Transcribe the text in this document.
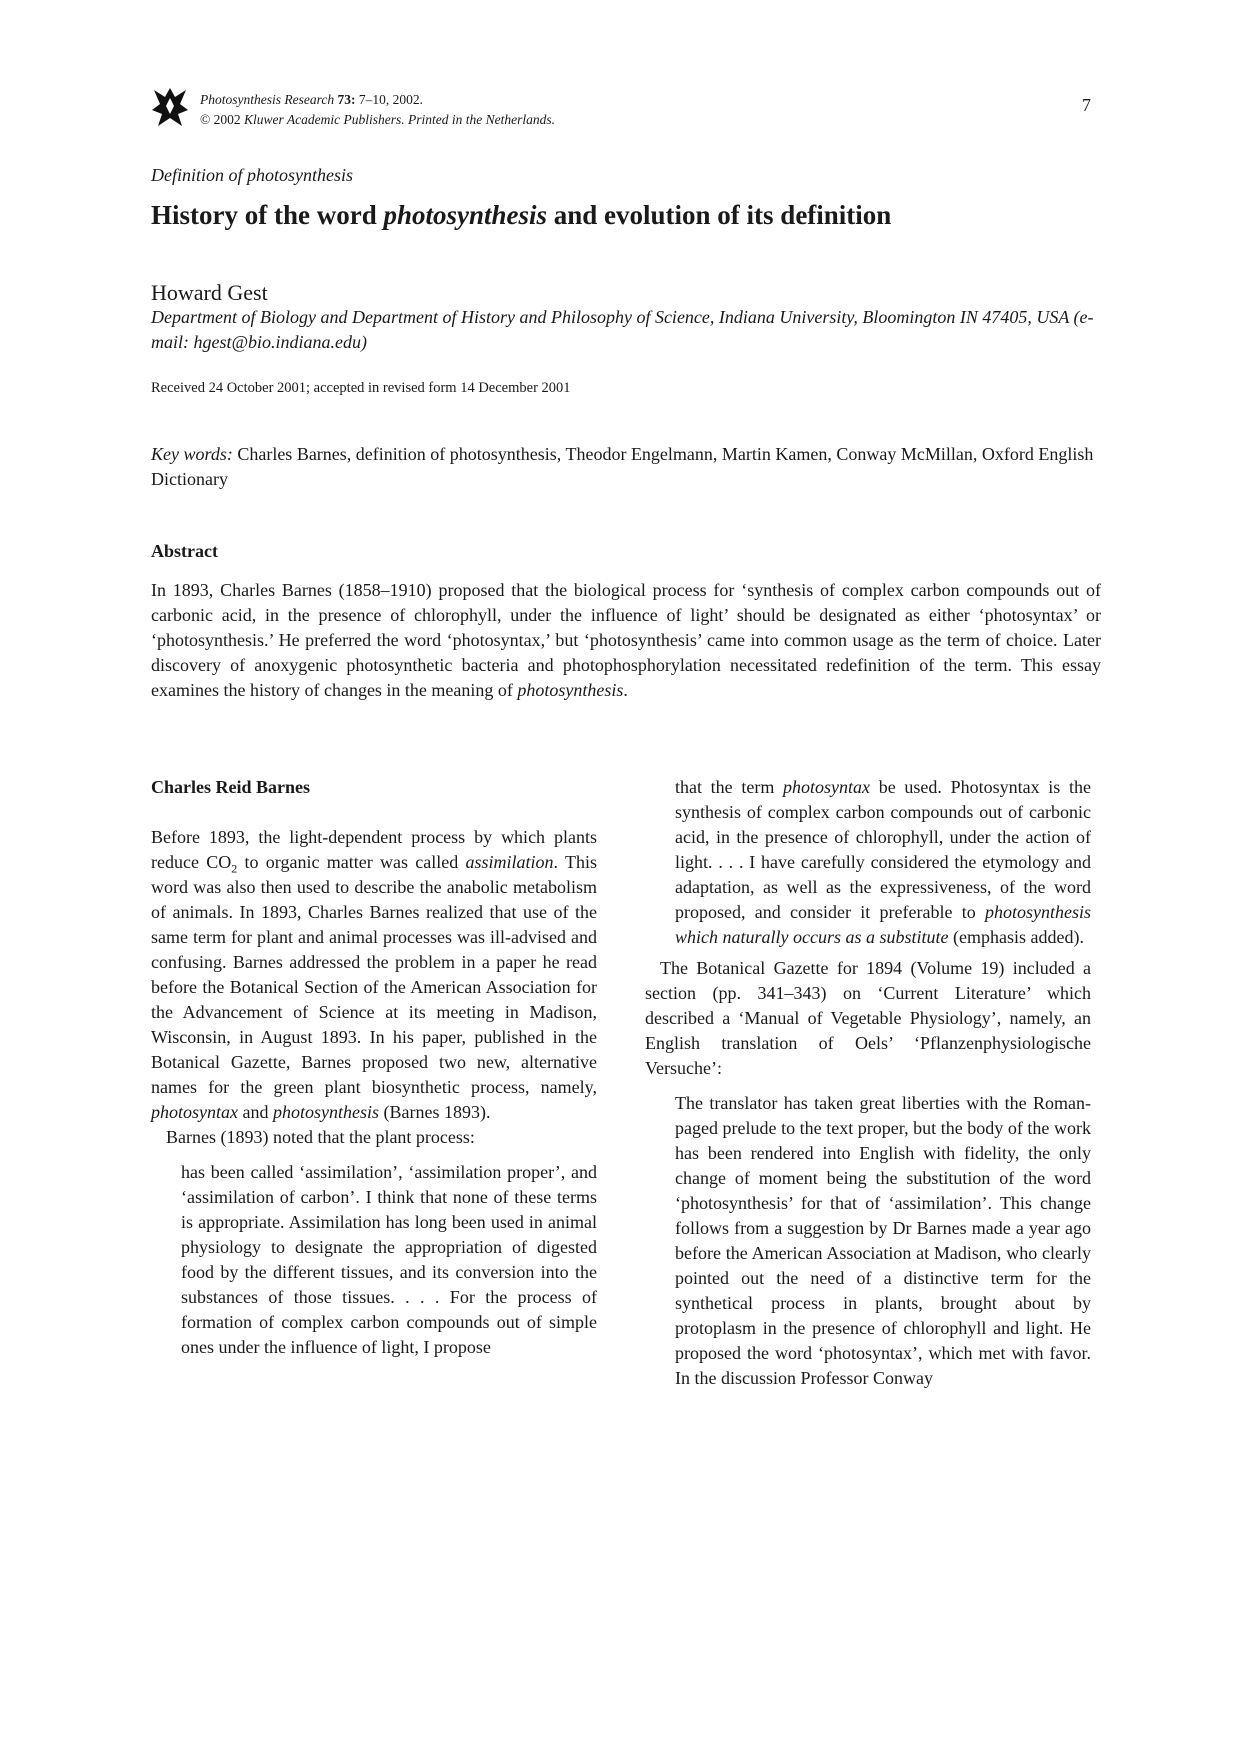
Photosynthesis Research 73: 7–10, 2002.
© 2002 Kluwer Academic Publishers. Printed in the Netherlands.
7
Definition of photosynthesis
History of the word photosynthesis and evolution of its definition
Howard Gest
Department of Biology and Department of History and Philosophy of Science, Indiana University, Bloomington IN 47405, USA (e-mail: hgest@bio.indiana.edu)
Received 24 October 2001; accepted in revised form 14 December 2001
Key words: Charles Barnes, definition of photosynthesis, Theodor Engelmann, Martin Kamen, Conway McMillan, Oxford English Dictionary
Abstract

In 1893, Charles Barnes (1858–1910) proposed that the biological process for ‘synthesis of complex carbon compounds out of carbonic acid, in the presence of chlorophyll, under the influence of light’ should be designated as either ‘photosyntax’ or ‘photosynthesis.’ He preferred the word ‘photosyntax,’ but ‘photosynthesis’ came into common usage as the term of choice. Later discovery of anoxygenic photosynthetic bacteria and photophosphorylation necessitated redefinition of the term. This essay examines the history of changes in the meaning of photosynthesis.

Charles Reid Barnes

Before 1893, the light-dependent process by which plants reduce $CO_2$ to organic matter was called assimilation. This word was also then used to describe the anabolic metabolism of animals. In 1893, Charles Barnes realized that use of the same term for plant and animal processes was ill-advised and confusing. Barnes addressed the problem in a paper he read before the Botanical Section of the American Association for the Advancement of Science at its meeting in Madison, Wisconsin, in August 1893. In his paper, published in the Botanical Gazette, Barnes proposed two new, alternative names for the green plant biosynthetic process, namely, photosyntax and photosynthesis (Barnes 1893).

Barnes (1893) noted that the plant process:

has been called ‘assimilation’, ‘assimilation proper’, and ‘assimilation of carbon’. I think that none of these terms is appropriate. Assimilation has long been used in animal physiology to designate the appropriation of digested food by the different tissues, and its conversion into the substances of those tissues. . . . For the process of formation of complex carbon compounds out of simple ones under the influence of light, I propose

that the term photosyntax be used. Photosyntax is the synthesis of complex carbon compounds out of carbonic acid, in the presence of chlorophyll, under the action of light. . . . I have carefully considered the etymology and adaptation, as well as the expressiveness, of the word proposed, and consider it preferable to photosynthesis which naturally occurs as a substitute (emphasis added).

The Botanical Gazette for 1894 (Volume 19) included a section (pp. 341–343) on ‘Current Literature’ which described a ‘Manual of Vegetable Physiology’, namely, an English translation of Oels’ ‘Pflanzenphysiologische Versuche’:

The translator has taken great liberties with the Roman-paged prelude to the text proper, but the body of the work has been rendered into English with fidelity, the only change of moment being the substitution of the word ‘photosynthesis’ for that of ‘assimilation’. This change follows from a suggestion by Dr Barnes made a year ago before the American Association at Madison, who clearly pointed out the need of a distinctive term for the synthetical process in plants, brought about by protoplasm in the presence of chlorophyll and light. He proposed the word ‘photosyntax’, which met with favor. In the discussion Professor Conway
